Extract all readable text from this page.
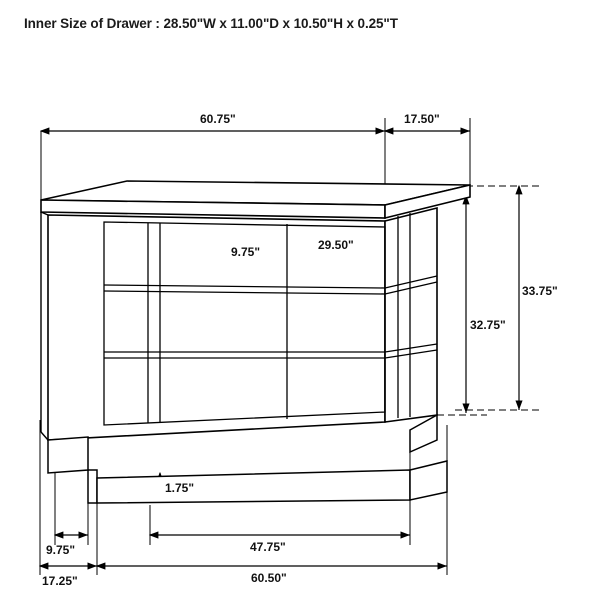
Inner Size of Drawer : 28.50"W x 11.00"D x 10.50"H x 0.25"T
60.75"	17.50"
9.75"	29.50"
33.75"
32.75"
1.75"
9.75"
17.25"
47.75"
60.50"
